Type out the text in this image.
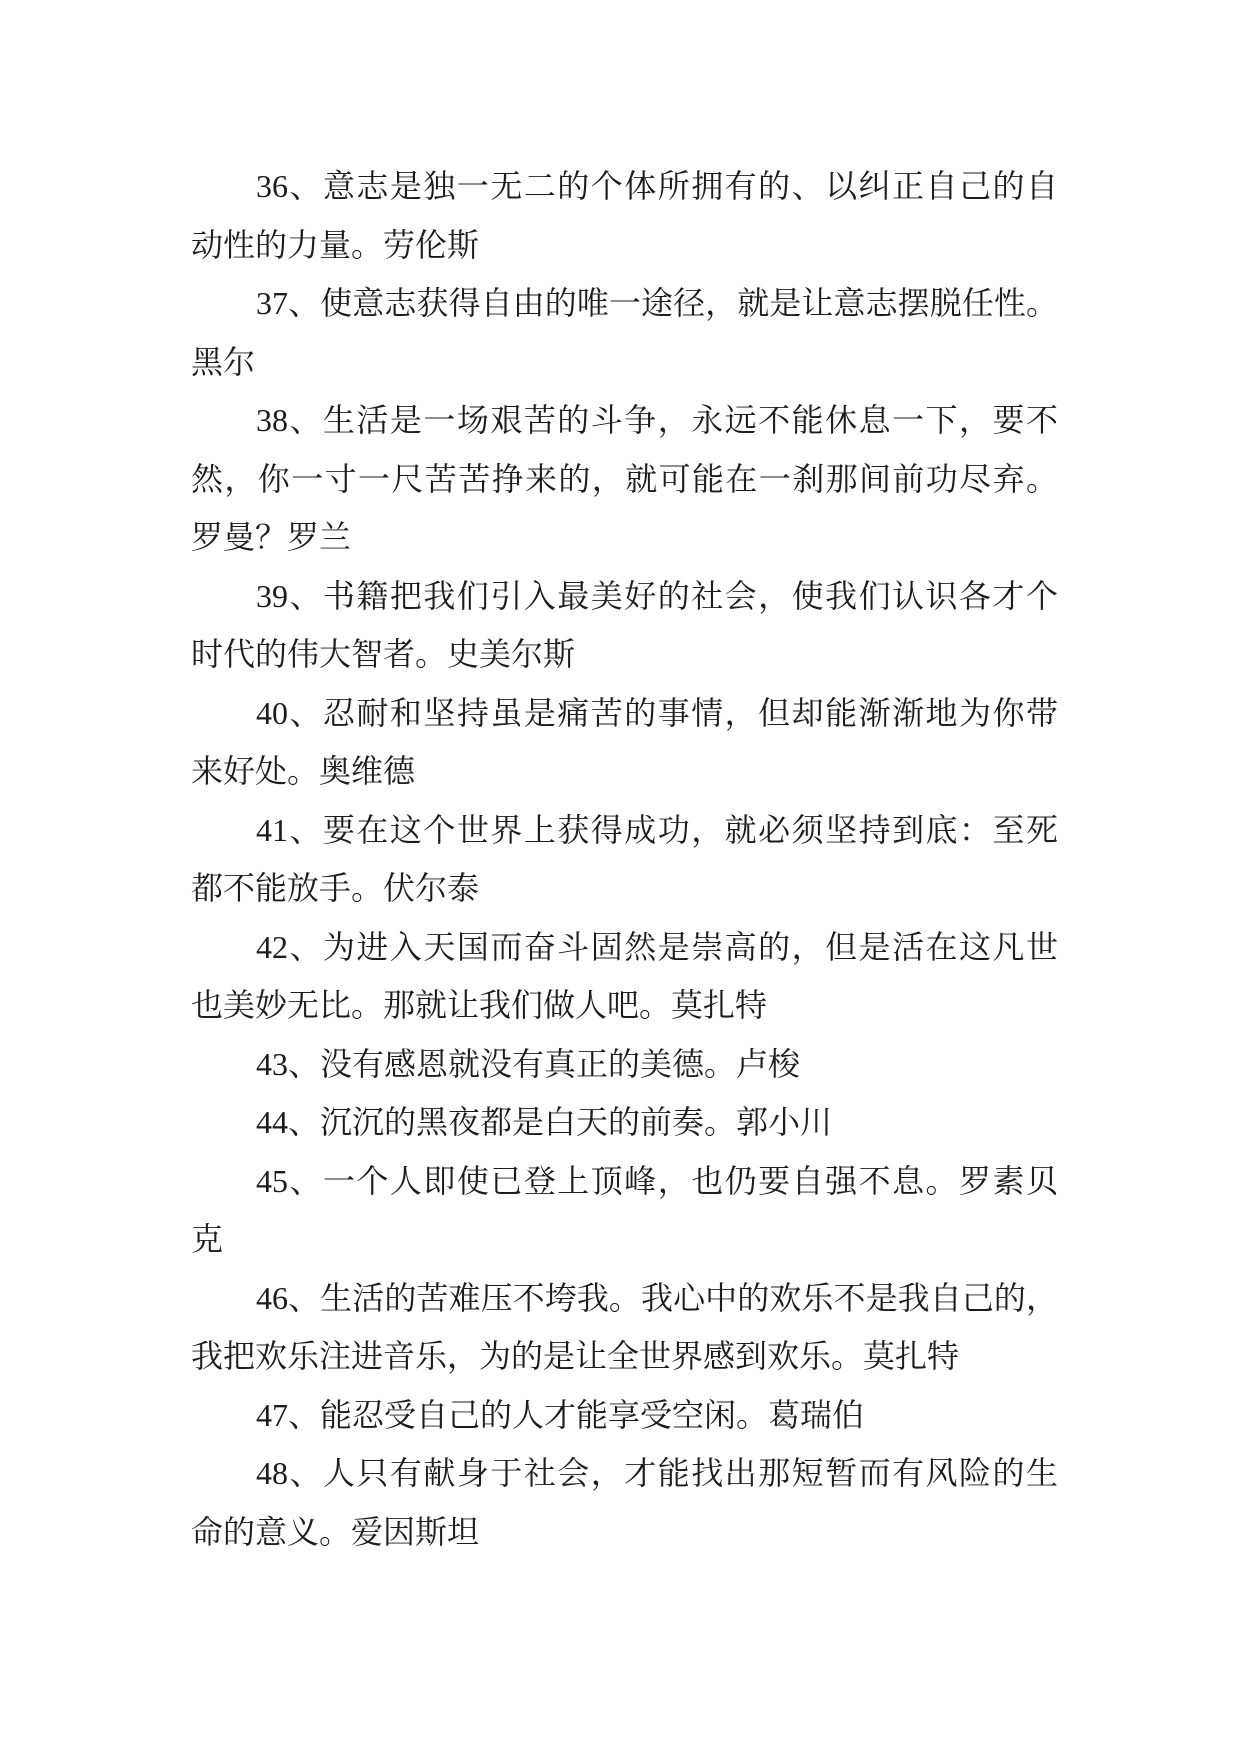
36、意志是独一无二的个体所拥有的、以纠正自己的自
动性的力量。劳伦斯
37、使意志获得自由的唯一途径，就是让意志摆脱任性。
黑尔
38、生活是一场艰苦的斗争，永远不能休息一下，要不
然，你一寸一尺苦苦挣来的，就可能在一刹那间前功尽弃。
罗曼？罗兰
39、书籍把我们引入最美好的社会，使我们认识各才个
时代的伟大智者。史美尔斯
40、忍耐和坚持虽是痛苦的事情，但却能渐渐地为你带
来好处。奥维德
41、要在这个世界上获得成功，就必须坚持到底：至死
都不能放手。伏尔泰
42、为进入天国而奋斗固然是崇高的，但是活在这凡世
也美妙无比。那就让我们做人吧。莫扎特
43、没有感恩就没有真正的美德。卢梭
44、沉沉的黑夜都是白天的前奏。郭小川
45、一个人即使已登上顶峰，也仍要自强不息。罗素贝
克
46、生活的苦难压不垮我。我心中的欢乐不是我自己的，
我把欢乐注进音乐，为的是让全世界感到欢乐。莫扎特
47、能忍受自己的人才能享受空闲。葛瑞伯
48、人只有献身于社会，才能找出那短暂而有风险的生
命的意义。爱因斯坦
